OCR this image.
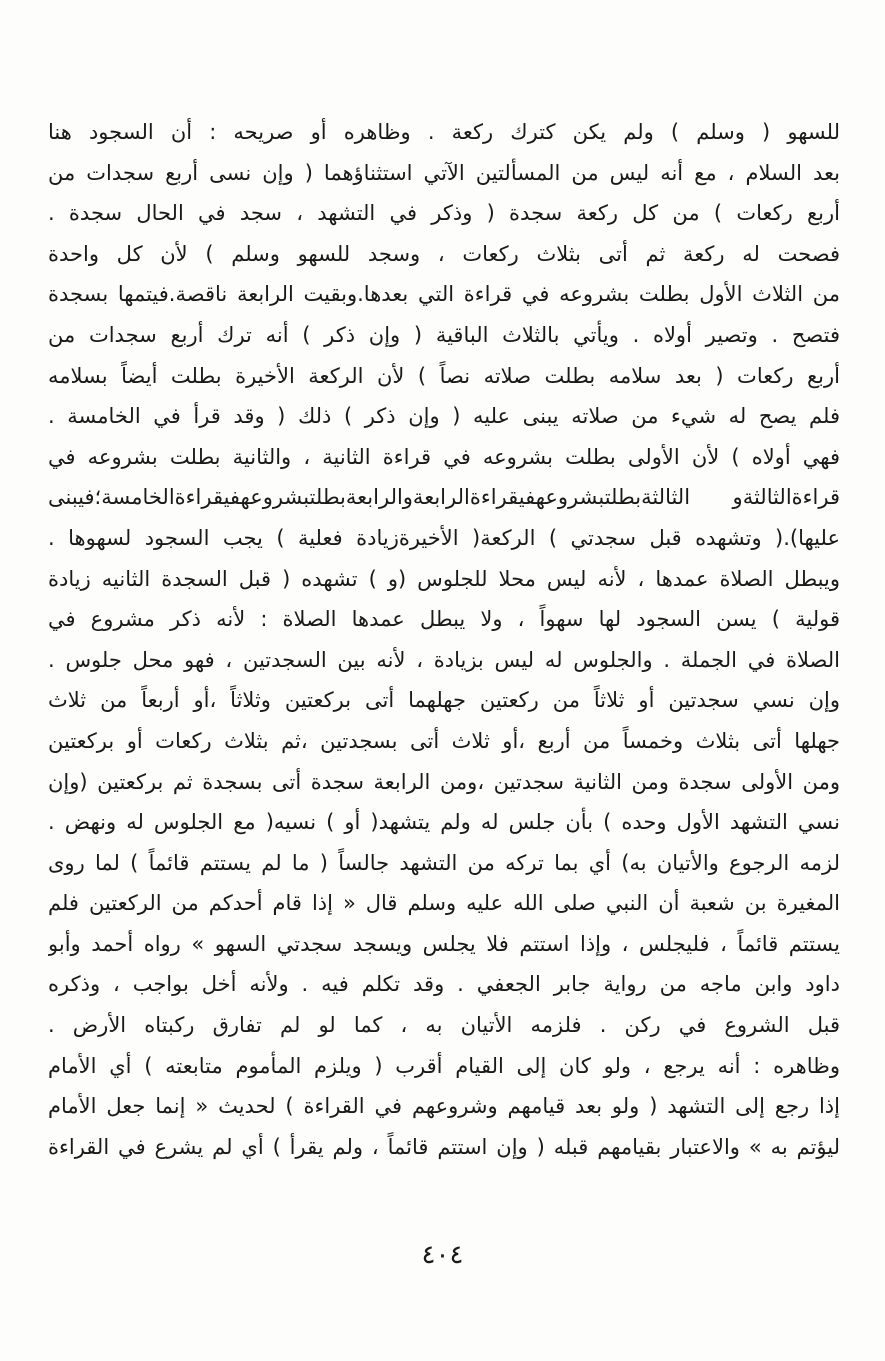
للسهو ( وسلم ) ولم يكن كترك ركعة . وظاهره أو صريحه : أن السجود هنا
بعد السلام ، مع أنه ليس من المسألتين الآتي استثناؤهما ( وإن نسى أربع سجدات من
أربع ركعات ) من كل ركعة سجدة ( وذكر في التشهد ، سجد في الحال سجدة .
فصحت له ركعة ثم أتى بثلاث ركعات ، وسجد للسهو وسلم ) لأن كل واحدة
من الثلاث الأول بطلت بشروعه في قراءة التي بعدها.وبقيت الرابعة ناقصة.فيتمها بسجدة
فتصح . وتصير أولاه . ويأتي بالثلاث الباقية ( وإن ذكر ) أنه ترك أربع سجدات من
أربع ركعات ( بعد سلامه بطلت صلاته نصاً ) لأن الركعة الأخيرة بطلت أيضاً بسلامه
فلم يصح له شيء من صلاته يبنى عليه ( وإن ذكر ) ذلك ( وقد قرأ في الخامسة .
فهي أولاه ) لأن الأولى بطلت بشروعه في قراءة الثانية ، والثانية بطلت بشروعه في
قراءةالثالثةو الثالثةبطلتبشروعهفيقراءةالرابعةوالرابعةبطلتبشروعهفيقراءةالخامسة؛فيبنى
عليها).( وتشهده قبل سجدتي ) الركعة( الأخيرةزيادة فعلية ) يجب السجود لسهوها .
ويبطل الصلاة عمدها ، لأنه ليس محلا للجلوس (و ) تشهده ( قبل السجدة الثانيه زيادة
قولية ) يسن السجود لها سهواً ، ولا يبطل عمدها الصلاة : لأنه ذكر مشروع في
الصلاة في الجملة . والجلوس له ليس بزيادة ، لأنه بين السجدتين ، فهو محل جلوس .
وإن نسي سجدتين أو ثلاثاً من ركعتين جهلهما أتى بركعتين وثلاثاً ،أو أربعاً من ثلاث
جهلها أتى بثلاث وخمساً من أربع ،أو ثلاث أتى بسجدتين ،ثم بثلاث ركعات أو بركعتين
ومن الأولى سجدة ومن الثانية سجدتين ،ومن الرابعة سجدة أتى بسجدة ثم بركعتين (وإن
نسي التشهد الأول وحده ) بأن جلس له ولم يتشهد( أو ) نسيه( مع الجلوس له ونهض .
لزمه الرجوع والأتيان به) أي بما تركه من التشهد جالساً ( ما لم يستتم قائماً ) لما روى
المغيرة بن شعبة أن النبي صلى الله عليه وسلم قال « إذا قام أحدكم من الركعتين فلم
يستتم قائماً ، فليجلس ، وإذا استتم فلا يجلس ويسجد سجدتي السهو » رواه أحمد وأبو
داود وابن ماجه من رواية جابر الجعفي . وقد تكلم فيه . ولأنه أخل بواجب ، وذكره
قبل الشروع في ركن . فلزمه الأتيان به ، كما لو لم تفارق ركبتاه الأرض .
وظاهره : أنه يرجع ، ولو كان إلى القيام أقرب ( ويلزم المأموم متابعته ) أي الأمام
إذا رجع إلى التشهد ( ولو بعد قيامهم وشروعهم في القراءة ) لحديث « إنما جعل الأمام
ليؤتم به » والاعتبار بقيامهم قبله ( وإن استتم قائماً ، ولم يقرأ ) أي لم يشرع في القراءة
٤٠٤
